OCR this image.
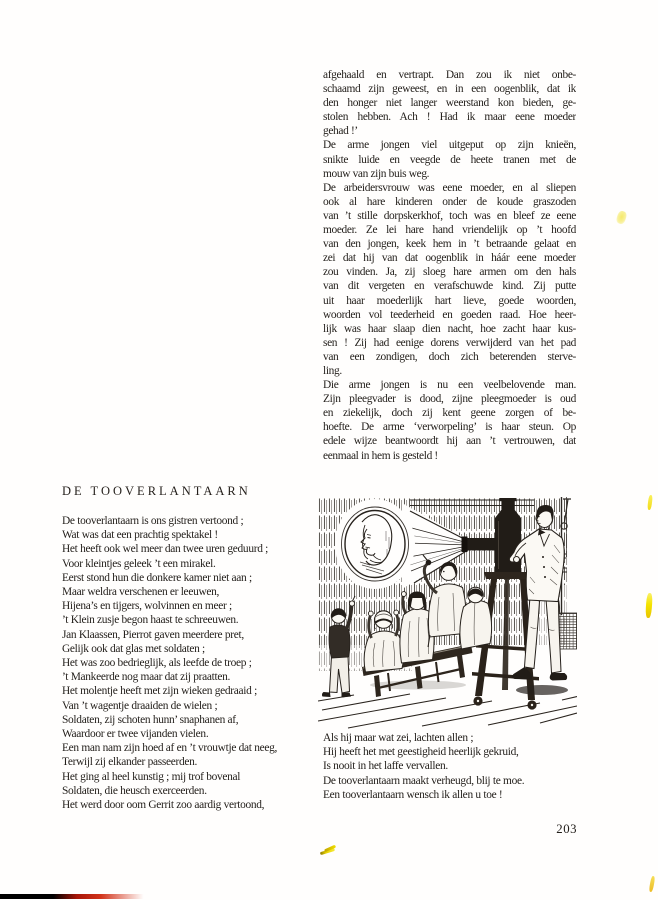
afgehaald en vertrapt. Dan zou ik niet onbe-
schaamd zijn geweest, en in een oogenblik, dat ik
den honger niet langer weerstand kon bieden, ge-
stolen hebben. Ach ! Had ik maar eene moeder
gehad !’
De arme jongen viel uitgeput op zijn knieën,
snikte luide en veegde de heete tranen met de
mouw van zijn buis weg.
De arbeidersvrouw was eene moeder, en al sliepen
ook al hare kinderen onder de koude graszoden
van ’t stille dorpskerkhof, toch was en bleef ze eene
moeder. Ze lei hare hand vriendelijk op ’t hoofd
van den jongen, keek hem in ’t betraande gelaat en
zei dat hij van dat oogenblik in háár eene moeder
zou vinden. Ja, zij sloeg hare armen om den hals
van dit vergeten en verafschuwde kind. Zij putte
uit haar moederlijk hart lieve, goede woorden,
woorden vol teederheid en goeden raad. Hoe heer-
lijk was haar slaap dien nacht, hoe zacht haar kus-
sen ! Zij had eenige dorens verwijderd van het pad
van een zondigen, doch zich beterenden sterve-
ling.
Die arme jongen is nu een veelbelovende man.
Zijn pleegvader is dood, zijne pleegmoeder is oud
en ziekelijk, doch zij kent geene zorgen of be-
hoefte. De arme ‘verworpeling’ is haar steun. Op
edele wijze beantwoordt hij aan ’t vertrouwen, dat
eenmaal in hem is gesteld !
DE TOOVERLANTAARN
De tooverlantaarn is ons gistren vertoond ;
Wat was dat een prachtig spektakel !
Het heeft ook wel meer dan twee uren geduurd ;
Voor kleintjes geleek ’t een mirakel.
Eerst stond hun die donkere kamer niet aan ;
Maar weldra verschenen er leeuwen,
Hijena’s en tijgers, wolvinnen en meer ;
’t Klein zusje begon haast te schreeuwen.
Jan Klaassen, Pierrot gaven meerdere pret,
Gelijk ook dat glas met soldaten ;
Het was zoo bedrieglijk, als leefde de troep ;
’t Mankeerde nog maar dat zij praatten.
Het molentje heeft met zijn wieken gedraaid ;
Van ’t wagentje draaiden de wielen ;
Soldaten, zij schoten hunn’ snaphanen af,
Waardoor er twee vijanden vielen.
Een man nam zijn hoed af en ’t vrouwtje dat neeg,
Terwijl zij elkander passeerden.
Het ging al heel kunstig ; mij trof bovenal
Soldaten, die heusch exerceerden.
Het werd door oom Gerrit zoo aardig vertoond,
Als hij maar wat zei, lachten allen ;
Hij heeft het met geestigheid heerlijk gekruid,
Is nooit in het laffe vervallen.
De tooverlantaarn maakt verheugd, blij te moe.
Een tooverlantaarn wensch ik allen u toe !
203
